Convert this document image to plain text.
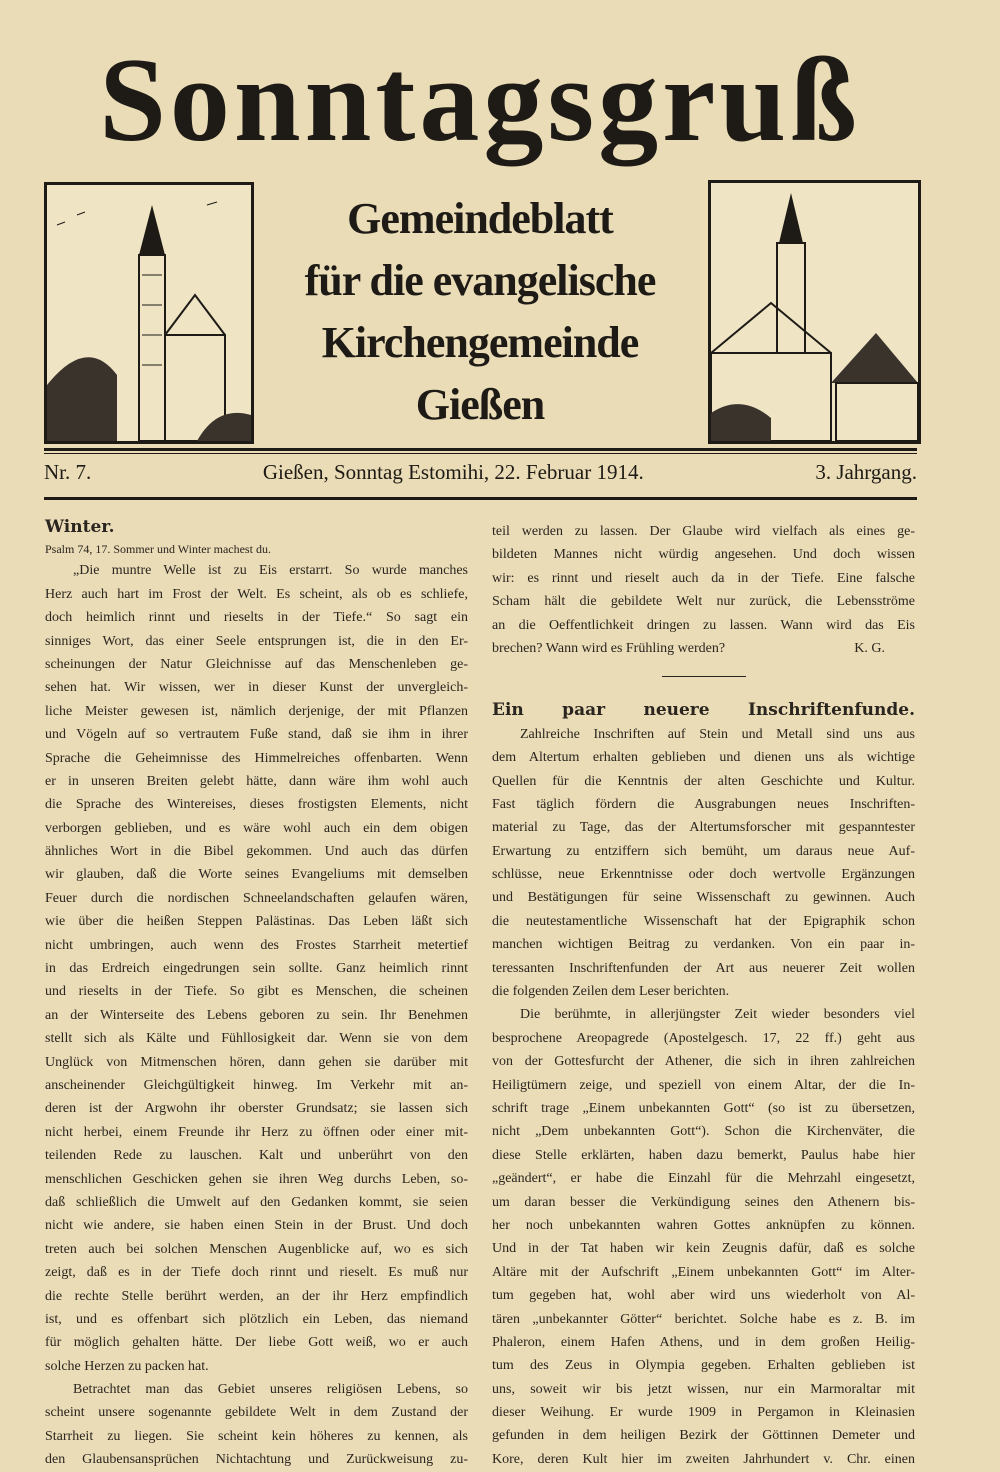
Sonntagsgruß
Gemeindeblatt
für die evangelische
Kirchengemeinde
Gießen
Nr. 7.	Gießen, Sonntag Estomihi, 22. Februar 1914.	3. Jahrgang.
Winter.
Psalm 74, 17. Sommer und Winter machest du.
„Die muntre Welle ist zu Eis erstarrt. So wurde manches
Herz auch hart im Frost der Welt. Es scheint, als ob es schliefe,
doch heimlich rinnt und rieselts in der Tiefe.“ So sagt ein
sinniges Wort, das einer Seele entsprungen ist, die in den Er-
scheinungen der Natur Gleichnisse auf das Menschenleben ge-
sehen hat. Wir wissen, wer in dieser Kunst der unvergleich-
liche Meister gewesen ist, nämlich derjenige, der mit Pflanzen
und Vögeln auf so vertrautem Fuße stand, daß sie ihm in ihrer
Sprache die Geheimnisse des Himmelreiches offenbarten. Wenn
er in unseren Breiten gelebt hätte, dann wäre ihm wohl auch
die Sprache des Wintereises, dieses frostigsten Elements, nicht
verborgen geblieben, und es wäre wohl auch ein dem obigen
ähnliches Wort in die Bibel gekommen. Und auch das dürfen
wir glauben, daß die Worte seines Evangeliums mit demselben
Feuer durch die nordischen Schneelandschaften gelaufen wären,
wie über die heißen Steppen Palästinas. Das Leben läßt sich
nicht umbringen, auch wenn des Frostes Starrheit metertief
in das Erdreich eingedrungen sein sollte. Ganz heimlich rinnt
und rieselts in der Tiefe. So gibt es Menschen, die scheinen
an der Winterseite des Lebens geboren zu sein. Ihr Benehmen
stellt sich als Kälte und Fühllosigkeit dar. Wenn sie von dem
Unglück von Mitmenschen hören, dann gehen sie darüber mit
anscheinender Gleichgültigkeit hinweg. Im Verkehr mit an-
deren ist der Argwohn ihr oberster Grundsatz; sie lassen sich
nicht herbei, einem Freunde ihr Herz zu öffnen oder einer mit-
teilenden Rede zu lauschen. Kalt und unberührt von den
menschlichen Geschicken gehen sie ihren Weg durchs Leben, so-
daß schließlich die Umwelt auf den Gedanken kommt, sie seien
nicht wie andere, sie haben einen Stein in der Brust. Und doch
treten auch bei solchen Menschen Augenblicke auf, wo es sich
zeigt, daß es in der Tiefe doch rinnt und rieselt. Es muß nur
die rechte Stelle berührt werden, an der ihr Herz empfindlich
ist, und es offenbart sich plötzlich ein Leben, das niemand
für möglich gehalten hätte. Der liebe Gott weiß, wo er auch
solche Herzen zu packen hat.
Betrachtet man das Gebiet unseres religiösen Lebens, so
scheint unsere sogenannte gebildete Welt in dem Zustand der
Starrheit zu liegen. Sie scheint kein höheres zu kennen, als
den Glaubensansprüchen Nichtachtung und Zurückweisung zu-
teil werden zu lassen. Der Glaube wird vielfach als eines ge-
bildeten Mannes nicht würdig angesehen. Und doch wissen
wir: es rinnt und rieselt auch da in der Tiefe. Eine falsche
Scham hält die gebildete Welt nur zurück, die Lebensströme
an die Oeffentlichkeit dringen zu lassen. Wann wird das Eis
brechen? Wann wird es Frühling werden?	K. G.
Ein paar neuere Inschriftenfunde.
Zahlreiche Inschriften auf Stein und Metall sind uns aus
dem Altertum erhalten geblieben und dienen uns als wichtige
Quellen für die Kenntnis der alten Geschichte und Kultur.
Fast täglich fördern die Ausgrabungen neues Inschriften-
material zu Tage, das der Altertumsforscher mit gespanntester
Erwartung zu entziffern sich bemüht, um daraus neue Auf-
schlüsse, neue Erkenntnisse oder doch wertvolle Ergänzungen
und Bestätigungen für seine Wissenschaft zu gewinnen. Auch
die neutestamentliche Wissenschaft hat der Epigraphik schon
manchen wichtigen Beitrag zu verdanken. Von ein paar in-
teressanten Inschriftenfunden der Art aus neuerer Zeit wollen
die folgenden Zeilen dem Leser berichten.
Die berühmte, in allerjüngster Zeit wieder besonders viel
besprochene Areopagrede (Apostelgesch. 17, 22 ff.) geht aus
von der Gottesfurcht der Athener, die sich in ihren zahlreichen
Heiligtümern zeige, und speziell von einem Altar, der die In-
schrift trage „Einem unbekannten Gott“ (so ist zu übersetzen,
nicht „Dem unbekannten Gott“). Schon die Kirchenväter, die
diese Stelle erklärten, haben dazu bemerkt, Paulus habe hier
„geändert“, er habe die Einzahl für die Mehrzahl eingesetzt,
um daran besser die Verkündigung seines den Athenern bis-
her noch unbekannten wahren Gottes anknüpfen zu können.
Und in der Tat haben wir kein Zeugnis dafür, daß es solche
Altäre mit der Aufschrift „Einem unbekannten Gott“ im Alter-
tum gegeben hat, wohl aber wird uns wiederholt von Al-
tären „unbekannter Götter“ berichtet. Solche habe es z. B. im
Phaleron, einem Hafen Athens, und in dem großen Heilig-
tum des Zeus in Olympia gegeben. Erhalten geblieben ist
uns, soweit wir bis jetzt wissen, nur ein Marmoraltar mit
dieser Weihung. Er wurde 1909 in Pergamon in Kleinasien
gefunden in dem heiligen Bezirk der Göttinnen Demeter und
Kore, deren Kult hier im zweiten Jahrhundert v. Chr. einen
